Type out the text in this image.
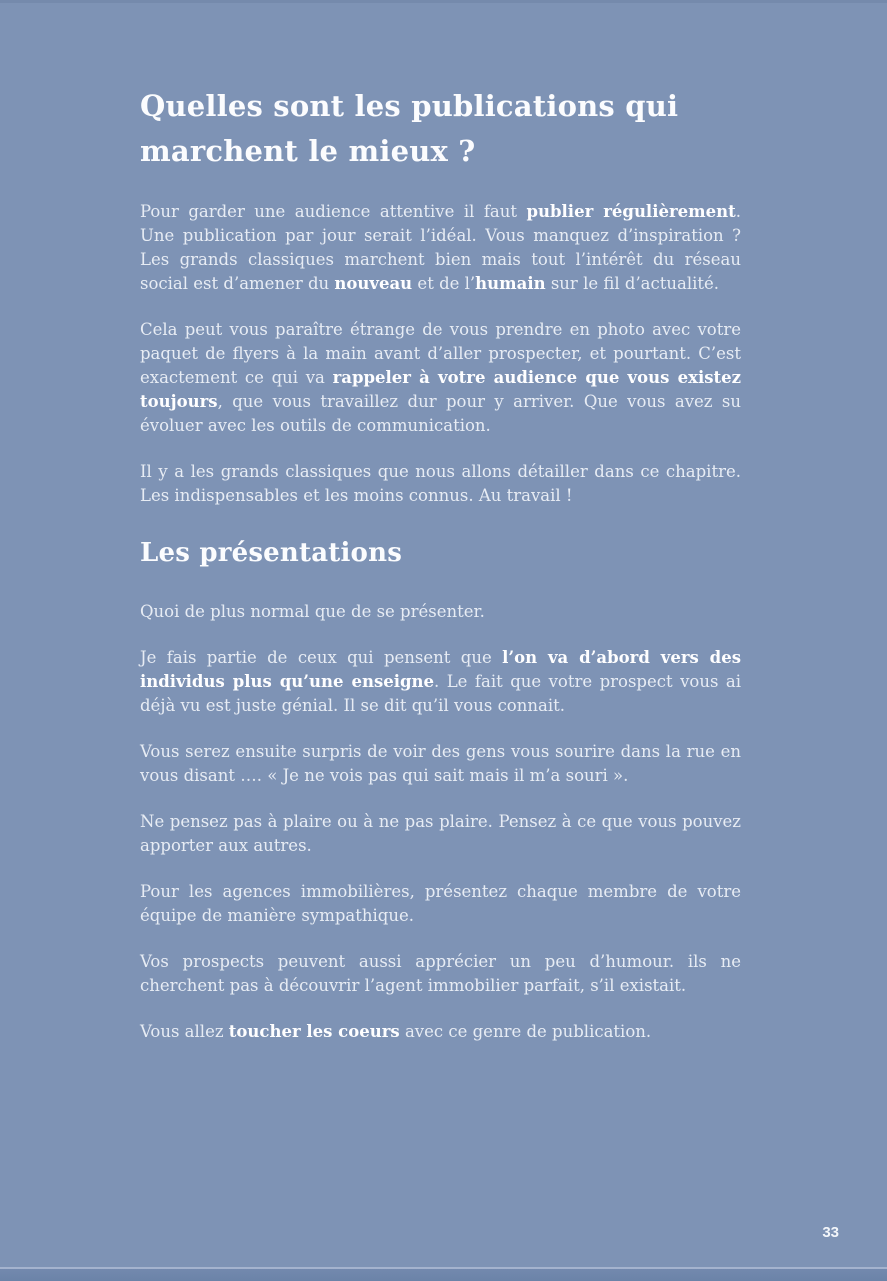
Quelles sont les publications qui marchent le mieux ?

Pour garder une audience attentive il faut publier régulièrement. Une publication par jour serait l’idéal. Vous manquez d’inspiration ? Les grands classiques marchent bien mais tout l’intérêt du réseau social est d’amener du nouveau et de l’humain sur le fil d’actualité.

Cela peut vous paraître étrange de vous prendre en photo avec votre paquet de flyers à la main avant d’aller prospecter, et pourtant. C’est exactement ce qui va rappeler à votre audience que vous existez toujours, que vous travaillez dur pour y arriver. Que vous avez su évoluer avec les outils de communication.

Il y a les grands classiques que nous allons détailler dans ce chapitre. Les indispensables et les moins connus. Au travail !

Les présentations

Quoi de plus normal que de se présenter.

Je fais partie de ceux qui pensent que l’on va d’abord vers des individus plus qu’une enseigne. Le fait que votre prospect vous ai déjà vu est juste génial. Il se dit qu’il vous connait.

Vous serez ensuite surpris de voir des gens vous sourire dans la rue en vous disant …. « Je ne vois pas qui sait mais il m’a souri ».

Ne pensez pas à plaire ou à ne pas plaire. Pensez à ce que vous pouvez apporter aux autres.

Pour les agences immobilières, présentez chaque membre de votre équipe de manière sympathique.

Vos prospects peuvent aussi apprécier un peu d’humour. ils ne cherchent pas à découvrir l’agent immobilier parfait, s’il existait.

Vous allez toucher les coeurs avec ce genre de publication.

33
